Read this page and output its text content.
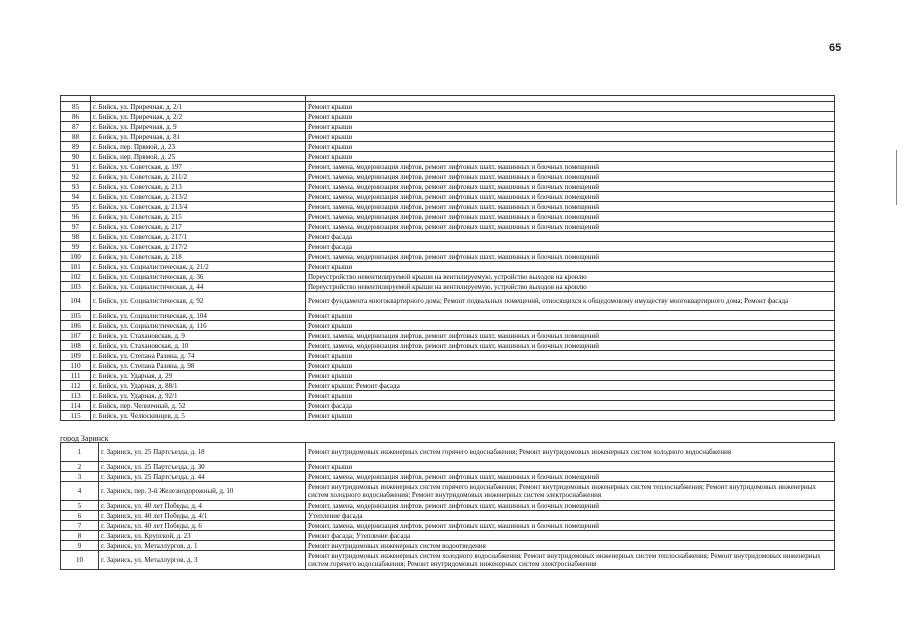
65

85	г. Бийск, ул. Приречная, д. 2/1	Ремонт крыши
86	г. Бийск, ул. Приречная, д. 2/2	Ремонт крыши
87	г. Бийск, ул. Приречная, д. 9	Ремонт крыши
88	г. Бийск, ул. Приречная, д. 81	Ремонт крыши
89	г. Бийск, пер. Прямой, д. 23	Ремонт крыши
90	г. Бийск, пер. Прямой, д. 25	Ремонт крыши
91	г. Бийск, ул. Советская, д. 197	Ремонт, замена, модернизация лифтов, ремонт лифтовых шахт, машинных и блочных помещений
92	г. Бийск, ул. Советская, д. 211/2	Ремонт, замена, модернизация лифтов, ремонт лифтовых шахт, машинных и блочных помещений
93	г. Бийск, ул. Советская, д. 213	Ремонт, замена, модернизация лифтов, ремонт лифтовых шахт, машинных и блочных помещений
94	г. Бийск, ул. Советская, д. 213/2	Ремонт, замена, модернизация лифтов, ремонт лифтовых шахт, машинных и блочных помещений
95	г. Бийск, ул. Советская, д. 213/4	Ремонт, замена, модернизация лифтов, ремонт лифтовых шахт, машинных и блочных помещений
96	г. Бийск, ул. Советская, д. 215	Ремонт, замена, модернизация лифтов, ремонт лифтовых шахт, машинных и блочных помещений
97	г. Бийск, ул. Советская, д. 217	Ремонт, замена, модернизация лифтов, ремонт лифтовых шахт, машинных и блочных помещений
98	г. Бийск, ул. Советская, д. 217/1	Ремонт фасада
99	г. Бийск, ул. Советская, д. 217/2	Ремонт фасада
100	г. Бийск, ул. Советская, д. 218	Ремонт, замена, модернизация лифтов, ремонт лифтовых шахт, машинных и блочных помещений
101	г. Бийск, ул. Социалистическая, д. 21/2	Ремонт крыши
102	г. Бийск, ул. Социалистическая, д. 36	Переустройство невентилируемой крыши на вентилируемую, устройство выходов на кровлю
103	г. Бийск, ул. Социалистическая, д. 44	Переустройство невентилируемой крыши на вентилируемую, устройство выходов на кровлю
104	г. Бийск, ул. Социалистическая, д. 92	Ремонт фундамента многоквартирного дома; Ремонт подвальных помещений, относящихся к общедомовому имуществу многоквартирного дома; Ремонт фасада
105	г. Бийск, ул. Социалистическая, д. 104	Ремонт крыши
106	г. Бийск, ул. Социалистическая, д. 116	Ремонт крыши
107	г. Бийск, ул. Стахановская, д. 9	Ремонт, замена, модернизация лифтов, ремонт лифтовых шахт, машинных и блочных помещений
108	г. Бийск, ул. Стахановская, д. 10	Ремонт, замена, модернизация лифтов, ремонт лифтовых шахт, машинных и блочных помещений
109	г. Бийск, ул. Степана Разина, д. 74	Ремонт крыши
110	г. Бийск, ул. Степана Разина, д. 98	Ремонт крыши
111	г. Бийск, ул. Ударная, д. 29	Ремонт крыши
112	г. Бийск, ул. Ударная, д. 88/1	Ремонт крыши; Ремонт фасада
113	г. Бийск, ул. Ударная, д. 92/1	Ремонт крыши
114	г. Бийск, пер. Челночный, д. 52	Ремонт фасада
115	г. Бийск, ул. Челюскинцев, д. 5	Ремонт крыши
город Заринск
1	г. Заринск, ул. 25 Партсъезда, д. 18	Ремонт внутридомовых инженерных систем горячего водоснабжения; Ремонт внутридомовых инженерных систем холодного водоснабжения
2	г. Заринск, ул. 25 Партсъезда, д. 30	Ремонт крыши
3	г. Заринск, ул. 25 Партсъезда, д. 44	Ремонт, замена, модернизация лифтов, ремонт лифтовых шахт, машинных и блочных помещений
4	г. Заринск, пер. 3-й Железнодорожный, д. 10	Ремонт внутридомовых инженерных систем горячего водоснабжения; Ремонт внутридомовых инженерных систем теплоснабжения; Ремонт внутридомовых инженерных систем холодного водоснабжения; Ремонт внутридомовых инженерных систем электроснабжения
5	г. Заринск, ул. 40 лет Победы, д. 4	Ремонт, замена, модернизация лифтов, ремонт лифтовых шахт, машинных и блочных помещений
6	г. Заринск, ул. 40 лет Победы, д. 4/1	Утепление фасада
7	г. Заринск, ул. 40 лет Победы, д. 6	Ремонт, замена, модернизация лифтов, ремонт лифтовых шахт, машинных и блочных помещений
8	г. Заринск, ул. Крупской, д. 23	Ремонт фасада; Утепление фасада
9	г. Заринск, ул. Металлургов, д. 1	Ремонт внутридомовых инженерных систем водоотведения
10	г. Заринск, ул. Металлургов, д. 3	Ремонт внутридомовых инженерных систем холодного водоснабжения; Ремонт внутридомовых инженерных систем теплоснабжения; Ремонт внутридомовых инженерных систем горячего водоснабжения; Ремонт внутридомовых инженерных систем электроснабжения
